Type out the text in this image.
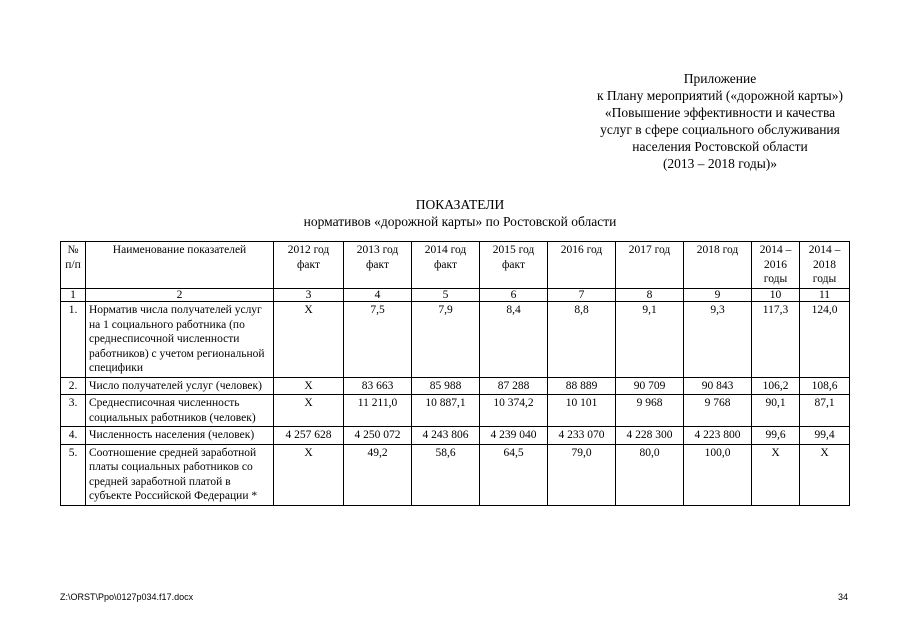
Приложение
к Плану мероприятий («дорожной карты»)
«Повышение эффективности и качества
услуг в сфере социального обслуживания
населения Ростовской области
(2013 – 2018 годы)»
ПОКАЗАТЕЛИ
нормативов «дорожной карты» по Ростовской области
№ п/п	Наименование показателей	2012 год факт	2013 год факт	2014 год факт	2015 год факт	2016 год	2017 год	2018 год	2014 – 2016 годы	2014 – 2018 годы
1	2	3	4	5	6	7	8	9	10	11
1.	Норматив числа получателей услуг на 1 социального работника (по среднесписочной численности работников) с учетом региональной специфики	Х	7,5	7,9	8,4	8,8	9,1	9,3	117,3	124,0
2.	Число получателей услуг (человек)	Х	83 663	85 988	87 288	88 889	90 709	90 843	106,2	108,6
3.	Среднесписочная численность социальных работников (человек)	Х	11 211,0	10 887,1	10 374,2	10 101	9 968	9 768	90,1	87,1
4.	Численность населения (человек)	4 257 628	4 250 072	4 243 806	4 239 040	4 233 070	4 228 300	4 223 800	99,6	99,4
5.	Соотношение средней заработной платы социальных работников со средней заработной платой в субъекте Российской Федерации *	Х	49,2	58,6	64,5	79,0	80,0	100,0	Х	Х
Z:\ORST\Ppo\0127p034.f17.docx	34
